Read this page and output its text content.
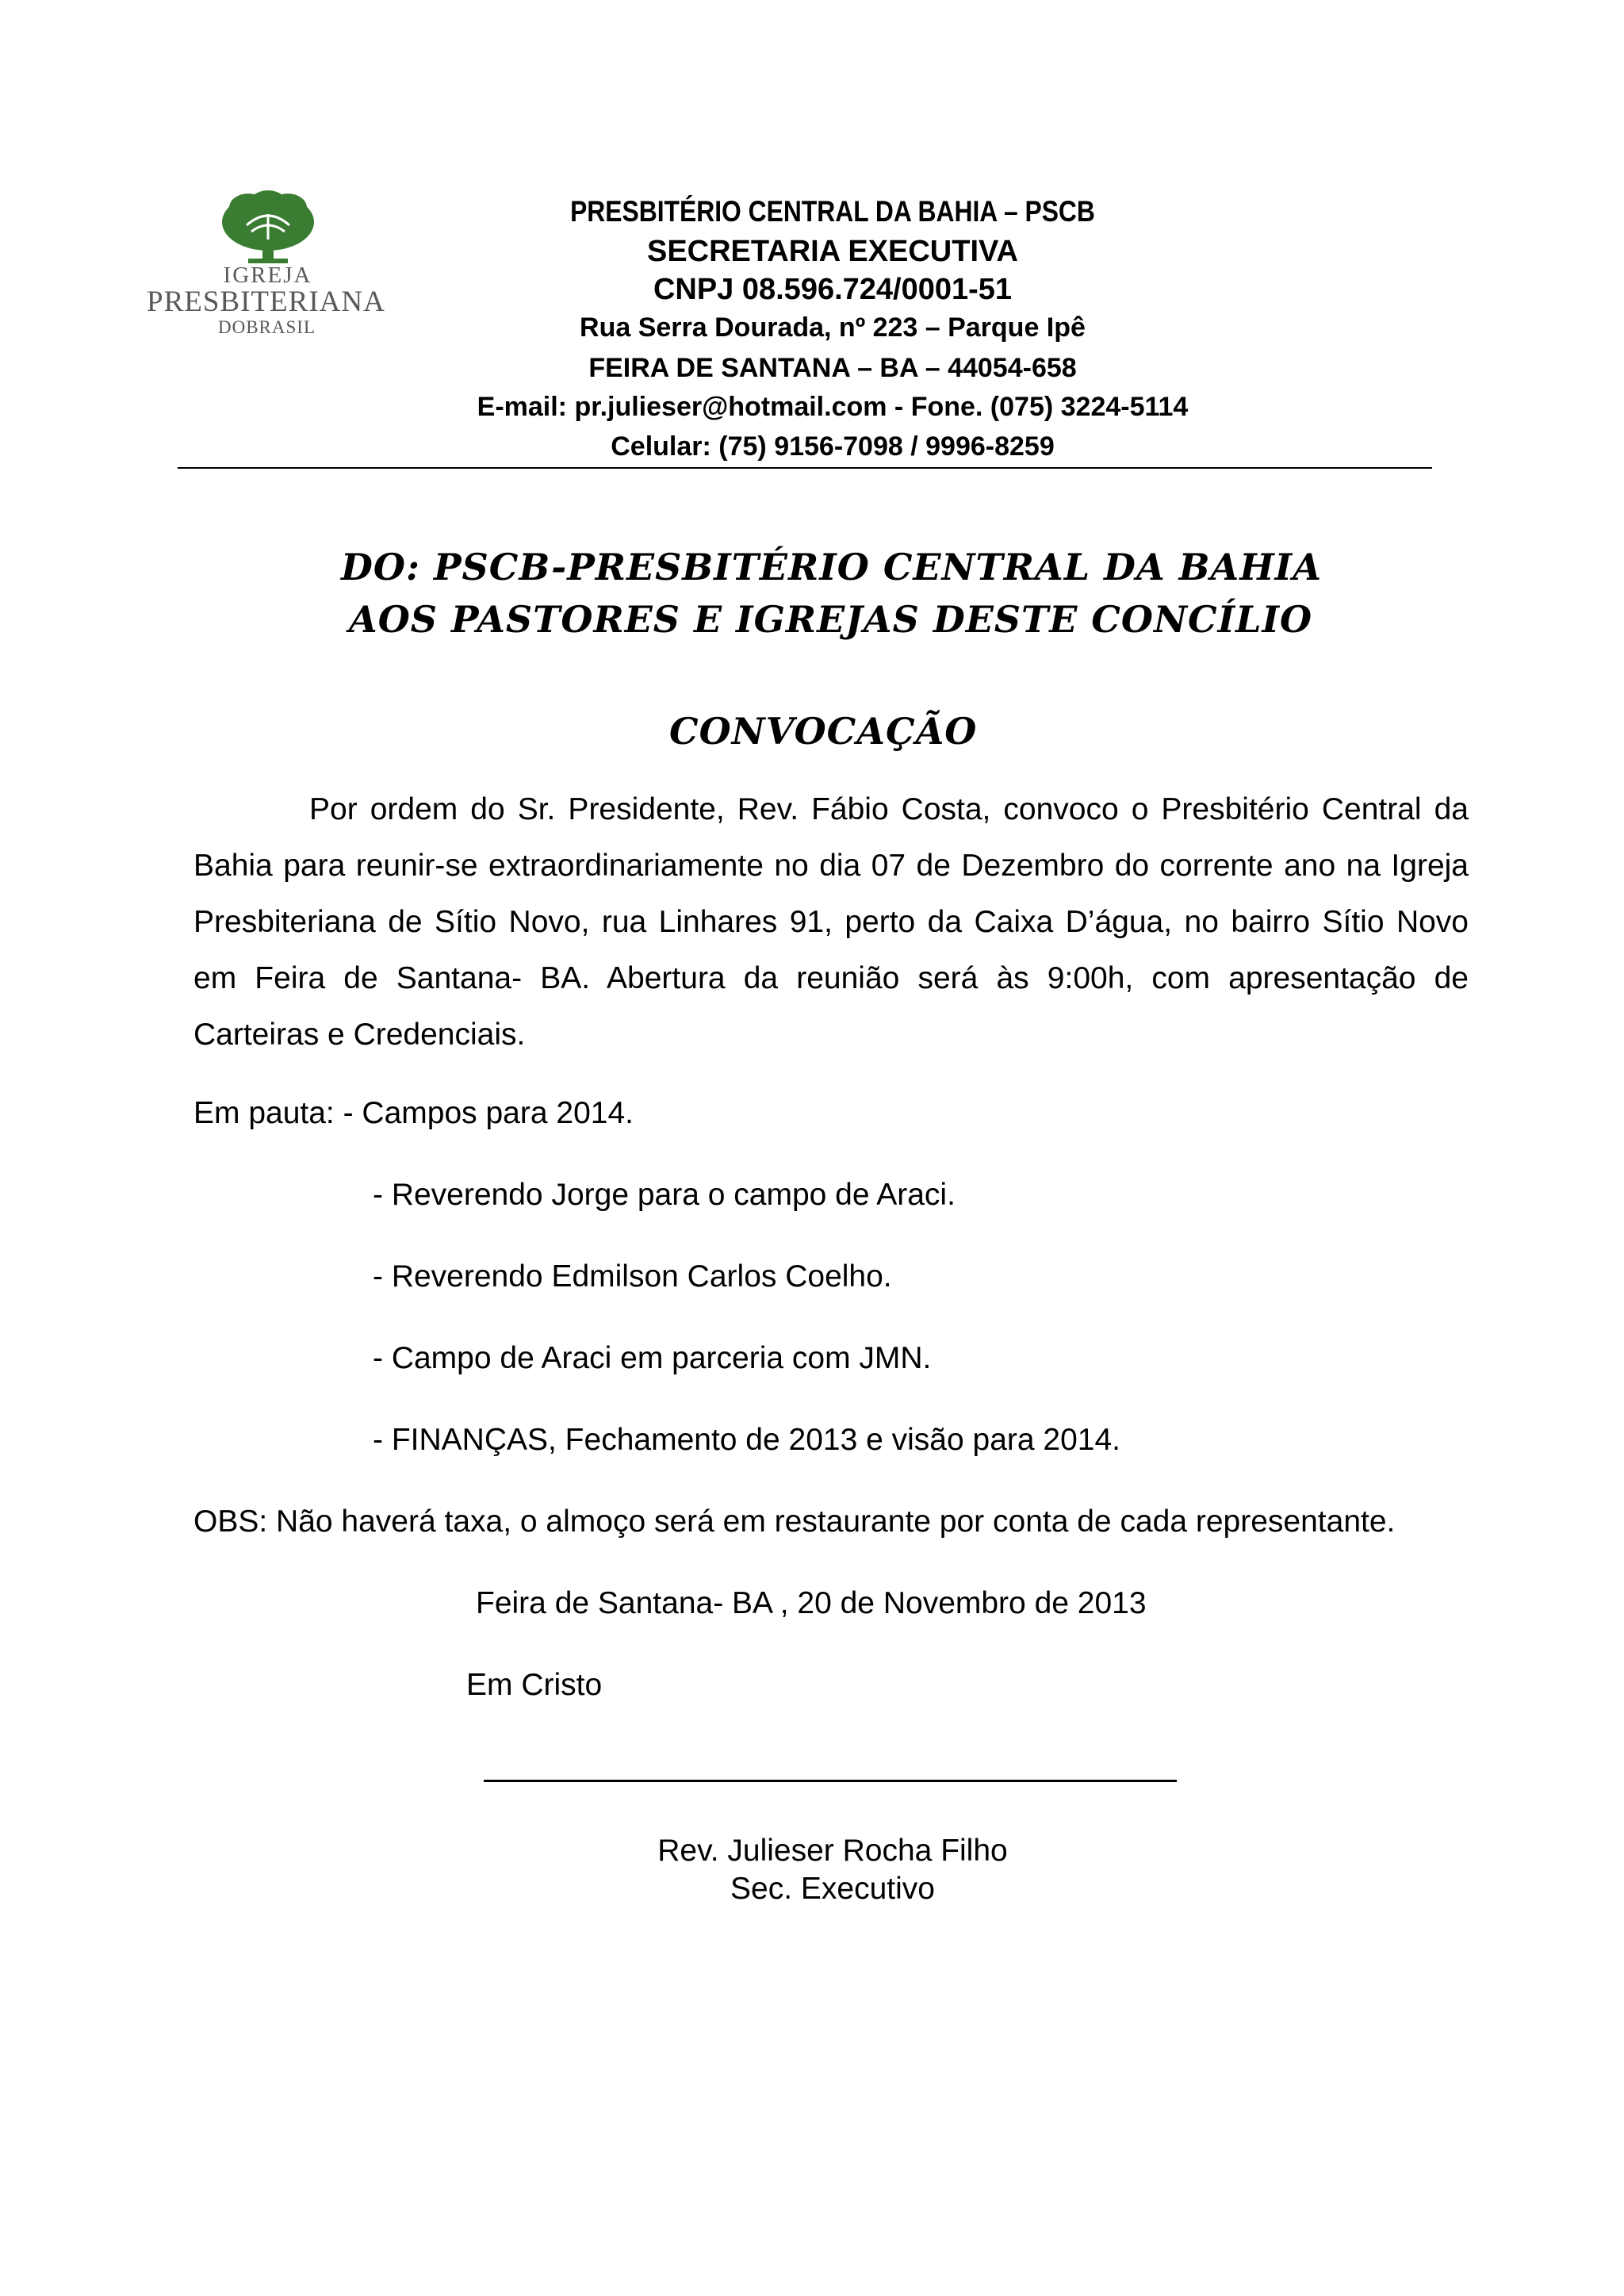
IGREJA
PRESBITERIANA
DOBRASIL
PRESBITÉRIO CENTRAL DA BAHIA – PSCB
SECRETARIA EXECUTIVA
CNPJ 08.596.724/0001-51
Rua Serra Dourada, nº 223 – Parque Ipê
FEIRA DE SANTANA – BA – 44054-658
E-mail: pr.julieser@hotmail.com - Fone. (075) 3224-5114
Celular: (75) 9156-7098 / 9996-8259
DO: PSCB-PRESBITÉRIO CENTRAL DA BAHIA
AOS PASTORES E IGREJAS DESTE CONCÍLIO
CONVOCAÇÃO
Por ordem do Sr. Presidente, Rev. Fábio Costa, convoco o Presbitério Central da Bahia para reunir-se extraordinariamente no dia 07 de Dezembro do corrente ano na Igreja Presbiteriana de Sítio Novo, rua Linhares 91, perto da Caixa D’água, no bairro Sítio Novo em Feira de Santana- BA. Abertura da reunião será às 9:00h, com apresentação de Carteiras e Credenciais.
Em pauta: - Campos para 2014.
- Reverendo Jorge para o campo de Araci.
- Reverendo Edmilson Carlos Coelho.
- Campo de Araci em parceria com JMN.
- FINANÇAS, Fechamento de 2013 e visão para 2014.
OBS: Não haverá taxa, o almoço será em restaurante por conta de cada representante.
Feira de Santana- BA , 20 de Novembro de 2013
Em Cristo
Rev. Julieser Rocha Filho
Sec. Executivo
